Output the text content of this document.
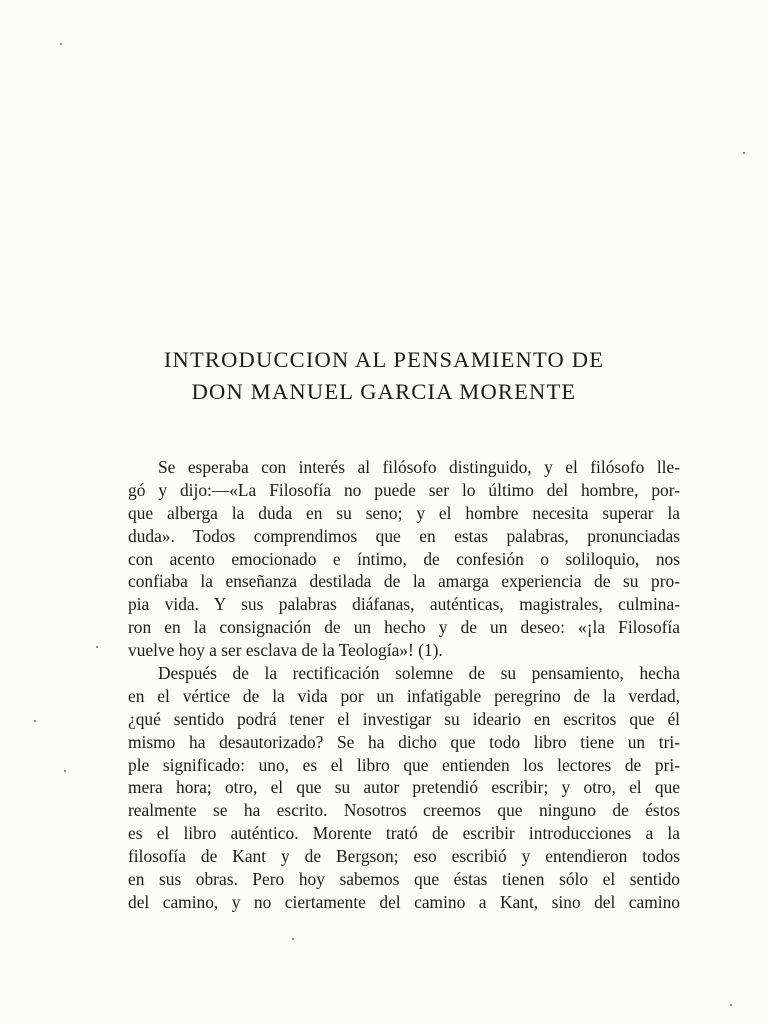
INTRODUCCION AL PENSAMIENTO DE
DON MANUEL GARCIA MORENTE
Se esperaba con interés al filósofo distinguido, y el filósofo lle-
gó y dijo:—«La Filosofía no puede ser lo último del hombre, por-
que alberga la duda en su seno; y el hombre necesita superar la
duda». Todos comprendimos que en estas palabras, pronunciadas
con acento emocionado e íntimo, de confesión o soliloquio, nos
confiaba la enseñanza destilada de la amarga experiencia de su pro-
pia vida. Y sus palabras diáfanas, auténticas, magistrales, culmina-
ron en la consignación de un hecho y de un deseo: «¡la Filosofía
vuelve hoy a ser esclava de la Teología»! (1).
Después de la rectificación solemne de su pensamiento, hecha
en el vértice de la vida por un infatigable peregrino de la verdad,
¿qué sentido podrá tener el investigar su ideario en escritos que él
mismo ha desautorizado? Se ha dicho que todo libro tiene un tri-
ple significado: uno, es el libro que entienden los lectores de pri-
mera hora; otro, el que su autor pretendió escribir; y otro, el que
realmente se ha escrito. Nosotros creemos que ninguno de éstos
es el libro auténtico. Morente trató de escribir introducciones a la
filosofía de Kant y de Bergson; eso escribió y entendieron todos
en sus obras. Pero hoy sabemos que éstas tienen sólo el sentido
del camino, y no ciertamente del camino a Kant, sino del camino
